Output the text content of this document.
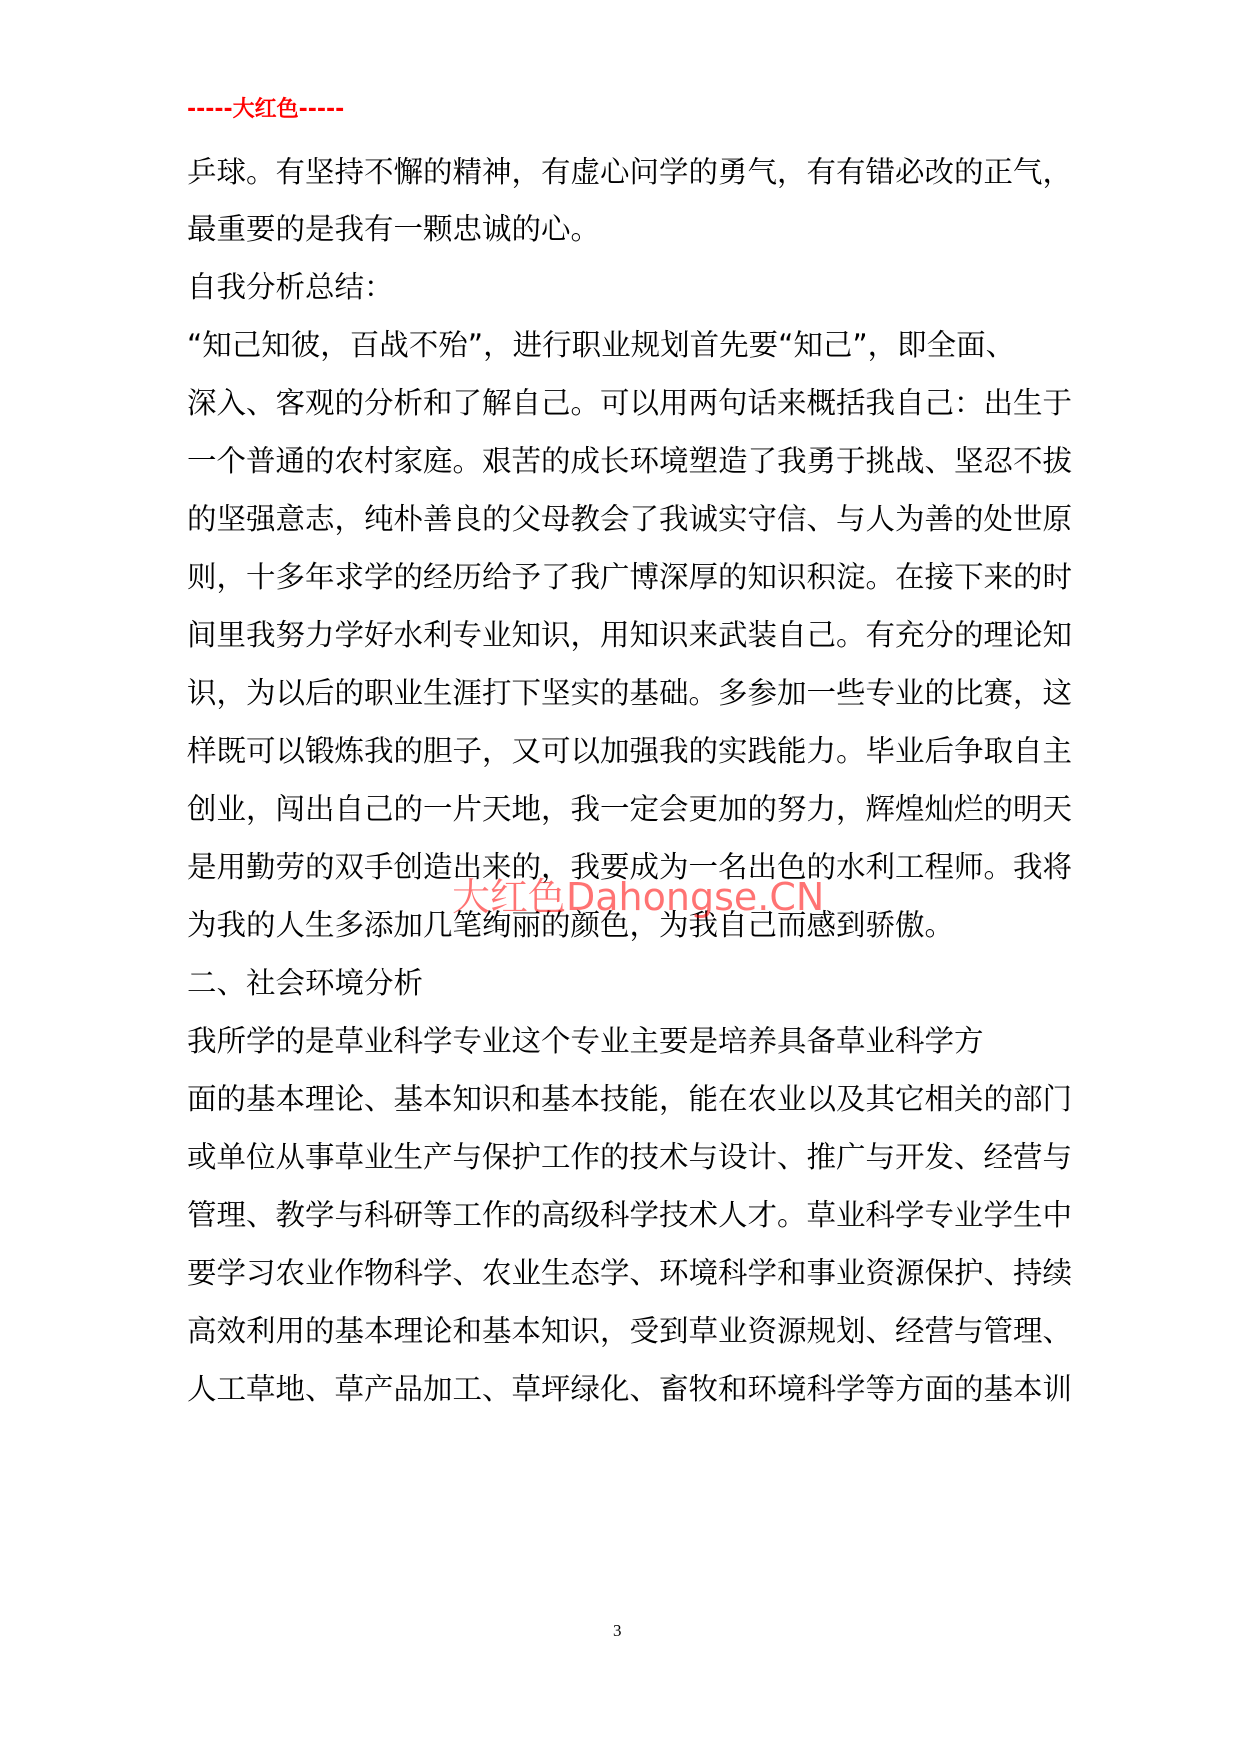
-----大红色-----
乒球。有坚持不懈的精神，有虚心问学的勇气，有有错必改的正气，
最重要的是我有一颗忠诚的心。
自我分析总结：
“知己知彼，百战不殆”，进行职业规划首先要“知己”，即全面、
深入、客观的分析和了解自己。可以用两句话来概括我自己：出生于
一个普通的农村家庭。艰苦的成长环境塑造了我勇于挑战、坚忍不拔
的坚强意志，纯朴善良的父母教会了我诚实守信、与人为善的处世原
则，十多年求学的经历给予了我广博深厚的知识积淀。在接下来的时
间里我努力学好水利专业知识，用知识来武装自己。有充分的理论知
识，为以后的职业生涯打下坚实的基础。多参加一些专业的比赛，这
样既可以锻炼我的胆子，又可以加强我的实践能力。毕业后争取自主
创业，闯出自己的一片天地，我一定会更加的努力，辉煌灿烂的明天
是用勤劳的双手创造出来的，我要成为一名出色的水利工程师。我将
为我的人生多添加几笔绚丽的颜色，为我自己而感到骄傲。
二、社会环境分析
我所学的是草业科学专业这个专业主要是培养具备草业科学方
面的基本理论、基本知识和基本技能，能在农业以及其它相关的部门
或单位从事草业生产与保护工作的技术与设计、推广与开发、经营与
管理、教学与科研等工作的高级科学技术人才。草业科学专业学生中
要学习农业作物科学、农业生态学、环境科学和事业资源保护、持续
高效利用的基本理论和基本知识，受到草业资源规划、经营与管理、
人工草地、草产品加工、草坪绿化、畜牧和环境科学等方面的基本训
大红色Dahongse.CN
3
